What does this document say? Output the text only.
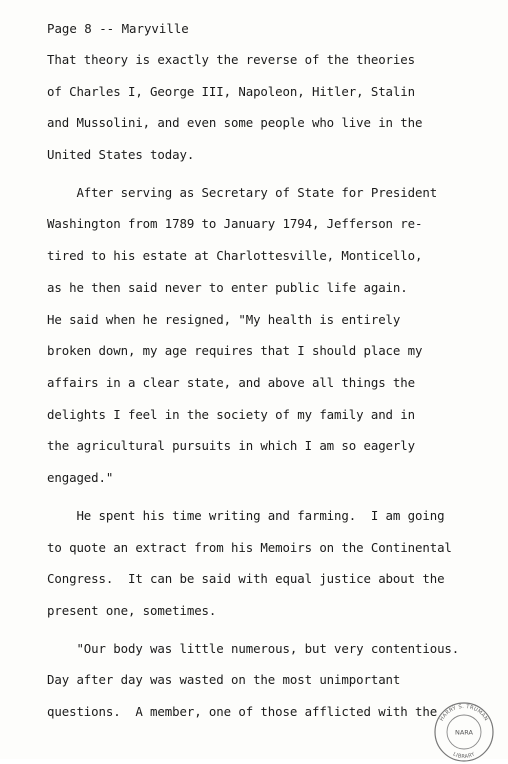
Page 8 -- Maryville
That theory is exactly the reverse of the theories
of Charles I, George III, Napoleon, Hitler, Stalin
and Mussolini, and even some people who live in the
United States today.
After serving as Secretary of State for President
Washington from 1789 to January 1794, Jefferson re-
tired to his estate at Charlottesville, Monticello,
as he then said never to enter public life again.
He said when he resigned, "My health is entirely
broken down, my age requires that I should place my
affairs in a clear state, and above all things the
delights I feel in the society of my family and in
the agricultural pursuits in which I am so eagerly
engaged."
He spent his time writing and farming.  I am going
to quote an extract from his Memoirs on the Continental
Congress.  It can be said with equal justice about the
present one, sometimes.
"Our body was little numerous, but very contentious.
Day after day was wasted on the most unimportant
questions.  A member, one of those afflicted with the HARRY S. TRUMAN
LIBRARY
NARA
